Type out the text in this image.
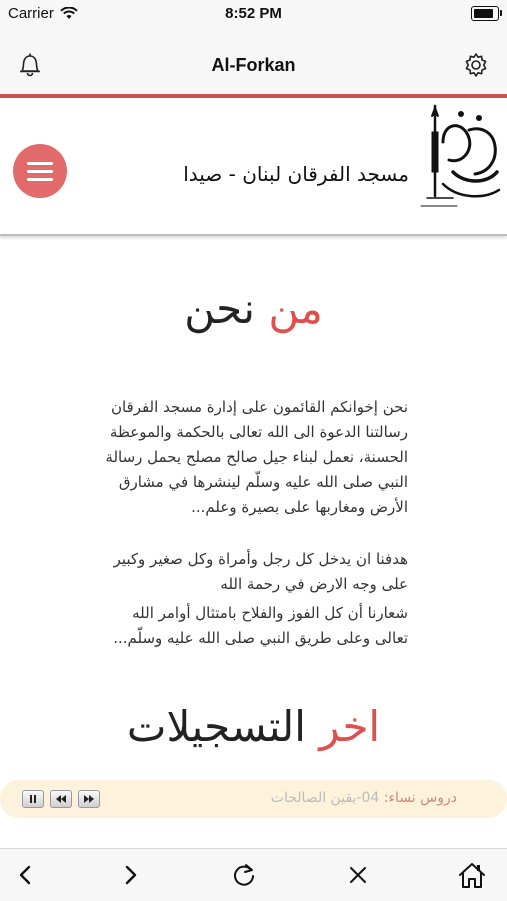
Carrier	8:52 PM
Al-Forkan
مسجد الفرقان لبنان - صيدا
من نحن
نحن إخوانكم القائمون على إدارة مسجد الفرقان رسالتنا الدعوة الى الله تعالى بالحكمة والموعظة الحسنة، نعمل لبناء جيل صالح مصلح يحمل رسالة النبي صلى الله عليه وسلّم لينشرها في مشارق الأرض ومغاربها على بصيرة وعلم...
هدفنا ان يدخل كل رجل وأمراة وكل صغير وكبير على وجه الارض في رحمة الله
شعارنا أن كل الفوز والفلاح بامتثال أوامر الله تعالى وعلى طريق النبي صلى الله عليه وسلّم...
اخر التسجيلات
دروس نساء: 04-يقين الصالحات
